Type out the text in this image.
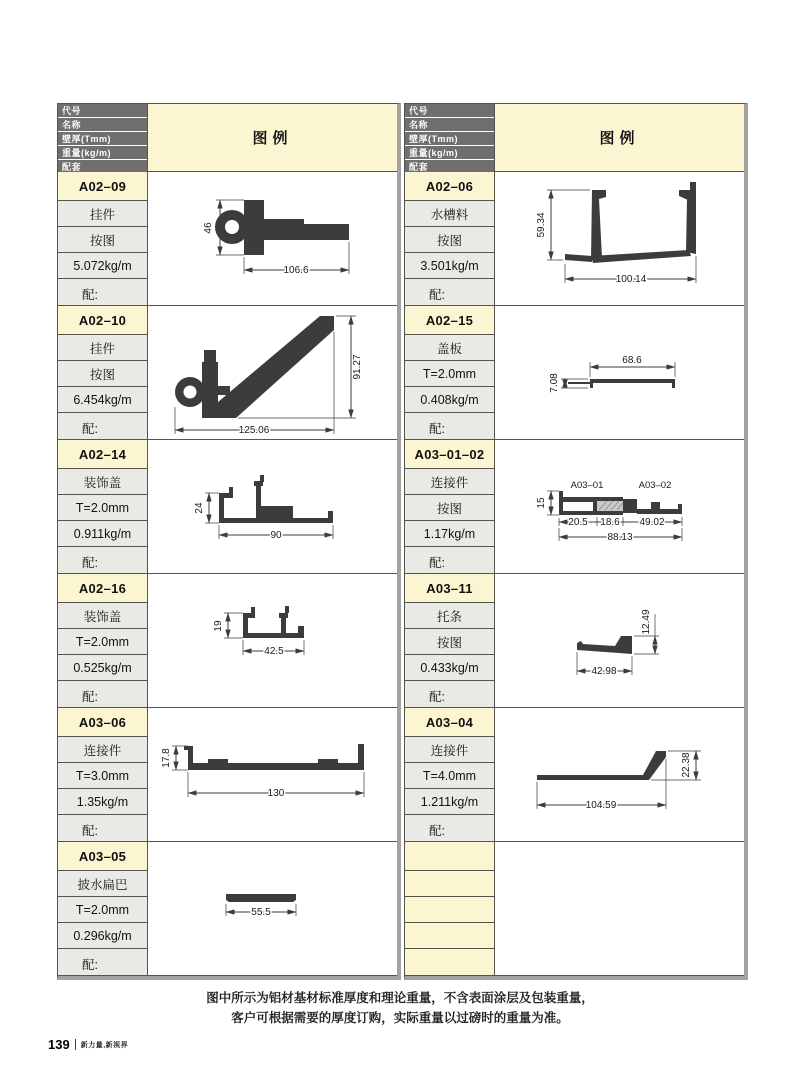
代号
名称
壁厚(Tmm)
重量(kg/m)
配套
图例
A02–09
挂件
按图
5.072kg/m
配:
46
106.6
A02–10
挂件
按图
6.454kg/m
配:
91.27
125.06
A02–14
装饰盖
T=2.0mm
0.911kg/m
配:
24
90
A02–16
装饰盖
T=2.0mm
0.525kg/m
配:
19
42.5
A03–06
连接件
T=3.0mm
1.35kg/m
配:
17.8
130
A03–05
披水扁巴
T=2.0mm
0.296kg/m
配:
55.5
代号
名称
壁厚(Tmm)
重量(kg/m)
配套
图例
A02–06
水槽料
按图
3.501kg/m
配:
59.34
100.14
A02–15
盖板
T=2.0mm
0.408kg/m
配:
68.6
7.08
A03–01–02
连接件
按图
1.17kg/m
配:
A03–01	A03–02
15
20.5 18.6 49.02
88.13
A03–11
托条
按图
0.433kg/m
配:
12.49
42.98
A03–04
连接件
T=4.0mm
1.211kg/m
配:
22.38
104.59
图中所示为铝材基材标准厚度和理论重量，不含表面涂层及包装重量，
客户可根据需要的厚度订购，实际重量以过磅时的重量为准。
139 新力量,新视界
